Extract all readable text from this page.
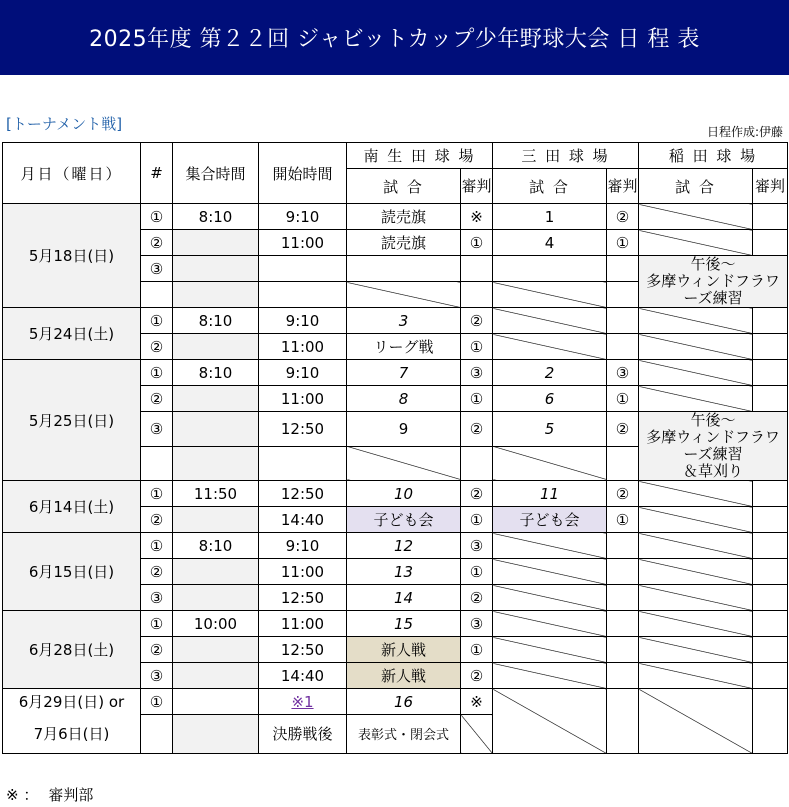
2025年度 第２２回 ジャビットカップ少年野球大会 日 程 表
[トーナメント戦]	日程作成:伊藤
月日（曜日）	#	集合時間	開始時間	南 生 田 球 場		三 田 球 場		稲 田 球 場	
				試 合	審判	試 合	審判	試 合	審判
5月18日(日)	①	8:10	9:10	読売旗	※	1	②		
	②		11:00	読売旗	①	4	①		
	③							午後～
多摩ウィンドフラワーズ練習	

5月24日(土)	①	8:10	9:10	3	②				
	②		11:00	リーグ戦	①				
5月25日(日)	①	8:10	9:10	7	③	2	③		
	②		11:00	8	①	6	①		
	③		12:50	9	②	5	②	午後～
多摩ウィンドフラワーズ練習
＆草刈り	

6月14日(土)	①	11:50	12:50	10	②	11	②		
	②		14:40	子ども会	①	子ども会	①		
6月15日(日)	①	8:10	9:10	12	③				
	②		11:00	13	①				
	③		12:50	14	②				
6月28日(土)	①	10:00	11:00	15	③				
	②		12:50	新人戦	①				
	③		14:40	新人戦	②				
6月29日(日) or	①		※1	16	※				
7月6日(日)			決勝戦後	表彰式・閉会式					
※ ： 審判部
